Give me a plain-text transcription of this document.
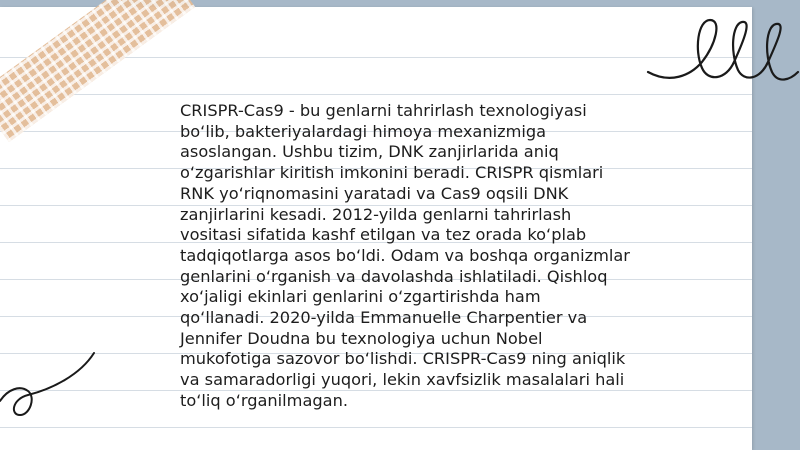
CRISPR-Cas9 - bu genlarni tahrirlash texnologiyasi bo‘lib, bakteriyalardagi himoya mexanizmiga asoslangan. Ushbu tizim, DNK zanjirlarida aniq o‘zgarishlar kiritish imkonini beradi. CRISPR qismlari RNK yo‘riqnomasini yaratadi va Cas9 oqsili DNK zanjirlarini kesadi. 2012-yilda genlarni tahrirlash vositasi sifatida kashf etilgan va tez orada ko‘plab tadqiqotlarga asos bo‘ldi. Odam va boshqa organizmlar genlarini o‘rganish va davolashda ishlatiladi. Qishloq xo‘jaligi ekinlari genlarini o‘zgartirishda ham qo‘llanadi. 2020-yilda Emmanuelle Charpentier va Jennifer Doudna bu texnologiya uchun Nobel mukofotiga sazovor bo‘lishdi. CRISPR-Cas9 ning aniqlik va samaradorligi yuqori, lekin xavfsizlik masalalari hali to‘liq o‘rganilmagan.
